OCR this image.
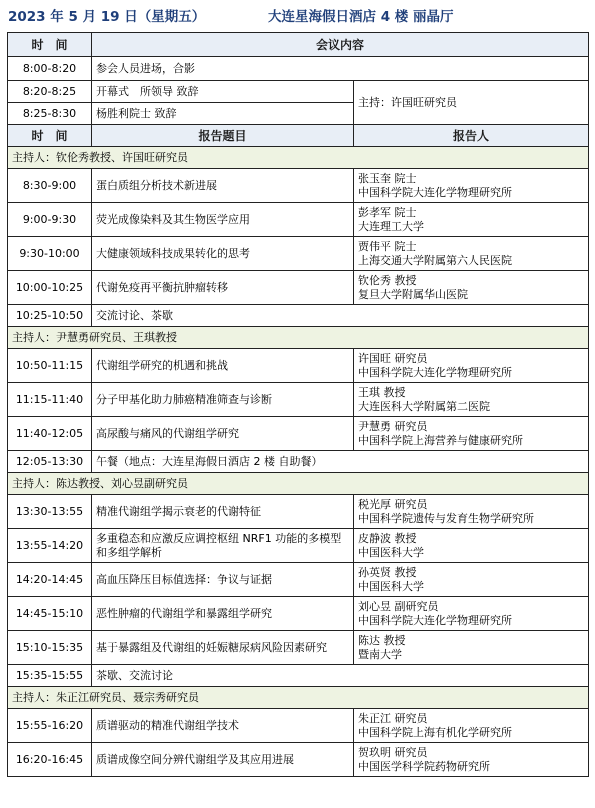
2023 年 5 月 19 日（星期五）	大连星海假日酒店 4 楼 丽晶厅
时　间	会议内容	
8:00-8:20	参会人员进场，合影	
8:20-8:25	开幕式　所领导 致辞	主持：许国旺研究员
8:25-8:30	杨胜利院士 致辞	
时　间	报告题目	报告人
主持人：钦伦秀教授、许国旺研究员		
8:30-9:00	蛋白质组分析技术新进展	张玉奎 院士
中国科学院大连化学物理研究所

9:00-9:30	荧光成像染料及其生物医学应用	彭孝军 院士
大连理工大学

9:30-10:00	大健康领域科技成果转化的思考	贾伟平 院士
上海交通大学附属第六人民医院

10:00-10:25	代谢免疫再平衡抗肿瘤转移	钦伦秀 教授
复旦大学附属华山医院

10:25-10:50	交流讨论、茶歇	
主持人：尹慧勇研究员、王琪教授		
10:50-11:15	代谢组学研究的机遇和挑战	许国旺 研究员
中国科学院大连化学物理研究所

11:15-11:40	分子甲基化助力肺癌精准筛查与诊断	王琪 教授
大连医科大学附属第二医院

11:40-12:05	高尿酸与痛风的代谢组学研究	尹慧勇 研究员
中国科学院上海营养与健康研究所

12:05-13:30	午餐（地点：大连星海假日酒店 2 楼 自助餐）	
主持人：陈达教授、刘心昱副研究员		
13:30-13:55	精准代谢组学揭示衰老的代谢特征	税光厚 研究员
中国科学院遗传与发育生物学研究所

13:55-14:20	多重稳态和应激反应调控枢纽 NRF1 功能的多模型和多组学解析	皮静波 教授
中国医科大学

14:20-14:45	高血压降压目标值选择：争议与证据	孙英贤 教授
中国医科大学

14:45-15:10	恶性肿瘤的代谢组学和暴露组学研究	刘心昱 副研究员
中国科学院大连化学物理研究所

15:10-15:35	基于暴露组及代谢组的妊娠糖尿病风险因素研究	陈达 教授
暨南大学

15:35-15:55	茶歇、交流讨论	
主持人：朱正江研究员、聂宗秀研究员		
15:55-16:20	质谱驱动的精准代谢组学技术	朱正江 研究员
中国科学院上海有机化学研究所

16:20-16:45	质谱成像空间分辨代谢组学及其应用进展	贺玖明 研究员
中国医学科学院药物研究所
